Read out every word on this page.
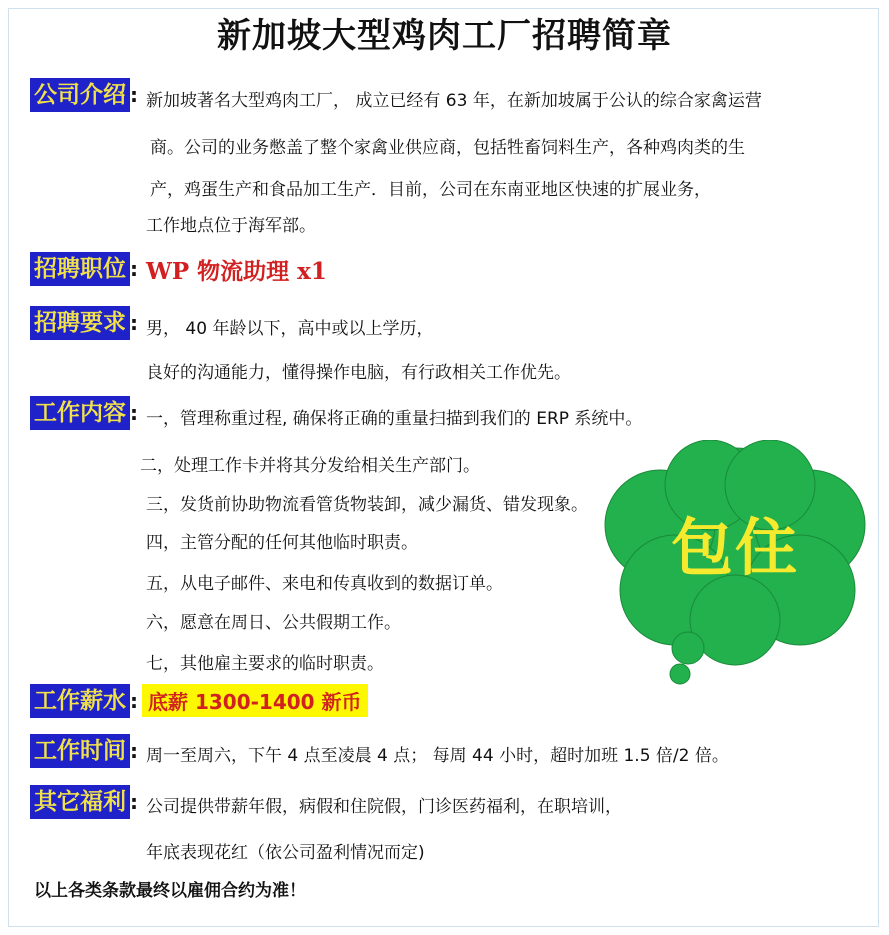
新加坡大型鸡肉工厂招聘简章
公司介绍 : 新加坡著名大型鸡肉工厂， 成立已经有 63 年，在新加坡属于公认的综合家禽运营
商。公司的业务憋盖了整个家禽业供应商，包括牲畜饲料生产，各种鸡肉类的生
产，鸡蛋生产和食品加工生产．目前，公司在东南亚地区快速的扩展业务，
工作地点位于海军部。
招聘职位 : WP 物流助理 x1
招聘要求 : 男， 40 年龄以下，高中或以上学历，
良好的沟通能力，懂得操作电脑，有行政相关工作优先。
工作内容 : 一，管理称重过程, 确保将正确的重量扫描到我们的 ERP 系统中。
二，处理工作卡并将其分发给相关生产部门。
三，发货前协助物流看管货物装卸，减少漏货、错发现象。
四，主管分配的任何其他临时职责。
五，从电子邮件、来电和传真收到的数据订单。
六，愿意在周日、公共假期工作。
七，其他雇主要求的临时职责。
包住
工作薪水 : 底薪 1300-1400 新币
工作时间 : 周一至周六，下午 4 点至凌晨 4 点； 每周 44 小时，超时加班 1.5 倍/2 倍。
其它福利 : 公司提供带薪年假，病假和住院假，门诊医药福利，在职培训，
年底表现花红（依公司盈利情况而定)
以上各类条款最终以雇佣合约为准！
